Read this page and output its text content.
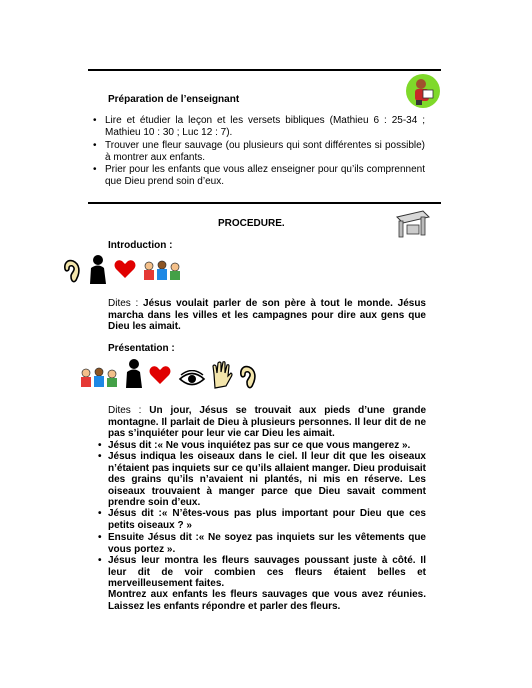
Préparation de l’enseignant
• Lire et étudier la leçon et les versets bibliques (Mathieu 6 : 25-34 ; Mathieu 10 : 30 ; Luc 12 : 7).
• Trouver une fleur sauvage (ou plusieurs qui sont différentes si possible) à montrer aux enfants.
• Prier pour les enfants que vous allez enseigner pour qu’ils comprennent que Dieu prend soin d’eux.
PROCEDURE.
Introduction :
Dites : Jésus voulait parler de son père à tout le monde. Jésus marcha dans les villes et les campagnes pour dire aux gens que Dieu les aimait.
Présentation :
Dites : Un jour, Jésus se trouvait aux pieds d’une grande montagne. Il parlait de Dieu à plusieurs personnes. Il leur dit de ne pas s’inquiéter pour leur vie car Dieu les aimait.
• Jésus dit :« Ne vous inquiétez pas sur ce que vous mangerez ».
• Jésus indiqua les oiseaux dans le ciel. Il leur dit que les oiseaux n’étaient pas inquiets sur ce qu’ils allaient manger. Dieu produisait des grains qu’ils n’avaient ni plantés, ni mis en réserve. Les oiseaux trouvaient à manger parce que Dieu savait comment prendre soin d’eux.
• Jésus dit :« N’êtes-vous pas plus important pour Dieu que ces petits oiseaux ? »
• Ensuite Jésus dit :« Ne soyez pas inquiets sur les vêtements que vous portez ».
• Jésus leur montra les fleurs sauvages poussant juste à côté. Il leur dit de voir combien ces fleurs étaient belles et merveilleusement faites.
Montrez aux enfants les fleurs sauvages que vous avez réunies. Laissez les enfants répondre et parler des fleurs.
